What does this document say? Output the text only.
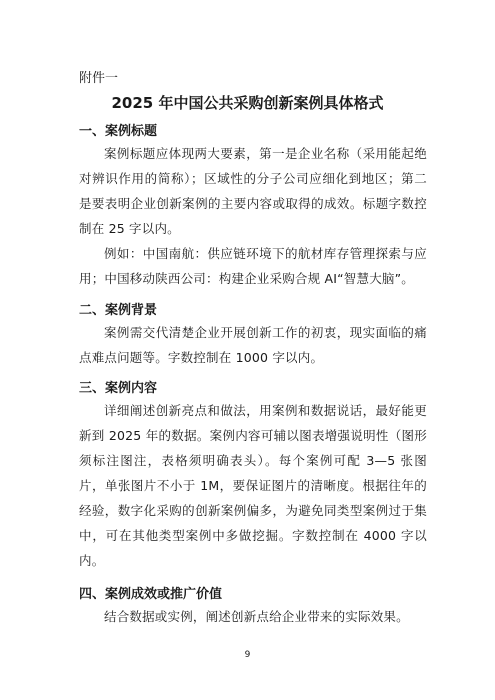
附件一
2025 年中国公共采购创新案例具体格式
一、案例标题
案例标题应体现两大要素，第一是企业名称（采用能起绝对辨识作用的简称）；区域性的分子公司应细化到地区；第二是要表明企业创新案例的主要内容或取得的成效。标题字数控制在 25 字以内。
例如：中国南航：供应链环境下的航材库存管理探索与应用；中国移动陕西公司：构建企业采购合规 AI“智慧大脑”。
二、案例背景
案例需交代清楚企业开展创新工作的初衷，现实面临的痛点难点问题等。字数控制在 1000 字以内。
三、案例内容
详细阐述创新亮点和做法，用案例和数据说话，最好能更新到 2025 年的数据。案例内容可辅以图表增强说明性（图形须标注图注，表格须明确表头）。每个案例可配 3—5 张图片，单张图片不小于 1M，要保证图片的清晰度。根据往年的经验，数字化采购的创新案例偏多，为避免同类型案例过于集中，可在其他类型案例中多做挖掘。字数控制在 4000 字以内。
四、案例成效或推广价值
结合数据或实例，阐述创新点给企业带来的实际效果。
9
